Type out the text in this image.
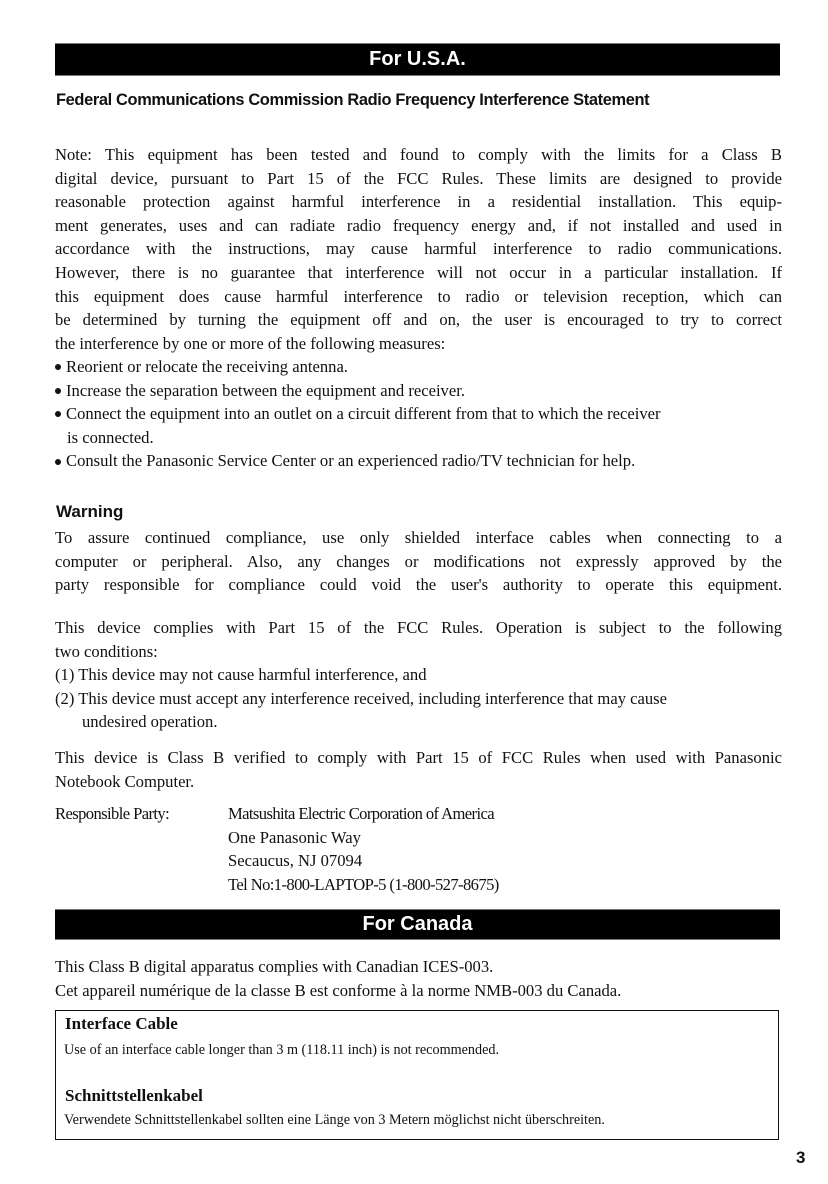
For U.S.A.
Federal Communications Commission Radio Frequency Interference Statement

Note: This equipment has been tested and found to comply with the limits for a Class B
digital device, pursuant to Part 15 of the FCC Rules. These limits are designed to provide
reasonable protection against harmful interference in a residential installation. This equip-
ment generates, uses and can radiate radio frequency energy and, if not installed and used in
accordance with the instructions, may cause harmful interference to radio communications.
However, there is no guarantee that interference will not occur in a particular installation. If
this equipment does cause harmful interference to radio or television reception, which can
be determined by turning the equipment off and on, the user is encouraged to try to correct
the interference by one or more of the following measures:

Reorient or relocate the receiving antenna.
Increase the separation between the equipment and receiver.
Connect the equipment into an outlet on a circuit different from that to which the receiver
is connected.
Consult the Panasonic Service Center or an experienced radio/TV technician for help.
Warning

To assure continued compliance, use only shielded interface cables when connecting to a
computer or peripheral. Also, any changes or modifications not expressly approved by the
party responsible for compliance could void the user's authority to operate this equipment.

This device complies with Part 15 of the FCC Rules. Operation is subject to the following
two conditions:
(1) This device may not cause harmful interference, and
(2) This device must accept any interference received, including interference that may cause
undesired operation.

This device is Class B verified to comply with Part 15 of FCC Rules when used with Panasonic
Notebook Computer.

Responsible Party:	Matsushita Electric Corporation of America
One Panasonic Way
Secaucus, NJ 07094
Tel No:1-800-LAPTOP-5 (1-800-527-8675)
For Canada
This Class B digital apparatus complies with Canadian ICES-003.
Cet appareil numérique de la classe B est conforme à la norme NMB-003 du Canada.
Interface Cable
Use of an interface cable longer than 3 m (118.11 inch) is not recommended.
Schnittstellenkabel
Verwendete Schnittstellenkabel sollten eine Länge von 3 Metern möglichst nicht überschreiten.
3
